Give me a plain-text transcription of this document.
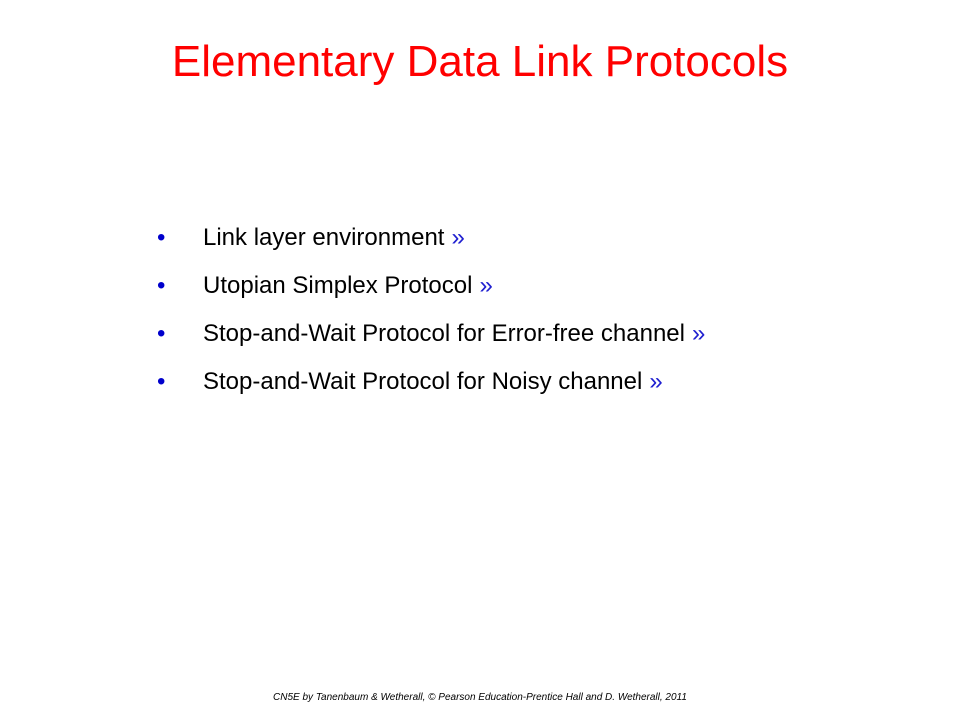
Elementary Data Link Protocols
•	Link layer environment »
•	Utopian Simplex Protocol »
•	Stop-and-Wait Protocol for Error-free channel »
•	Stop-and-Wait Protocol for Noisy channel »
CN5E by Tanenbaum & Wetherall, © Pearson Education-Prentice Hall and D. Wetherall, 2011
